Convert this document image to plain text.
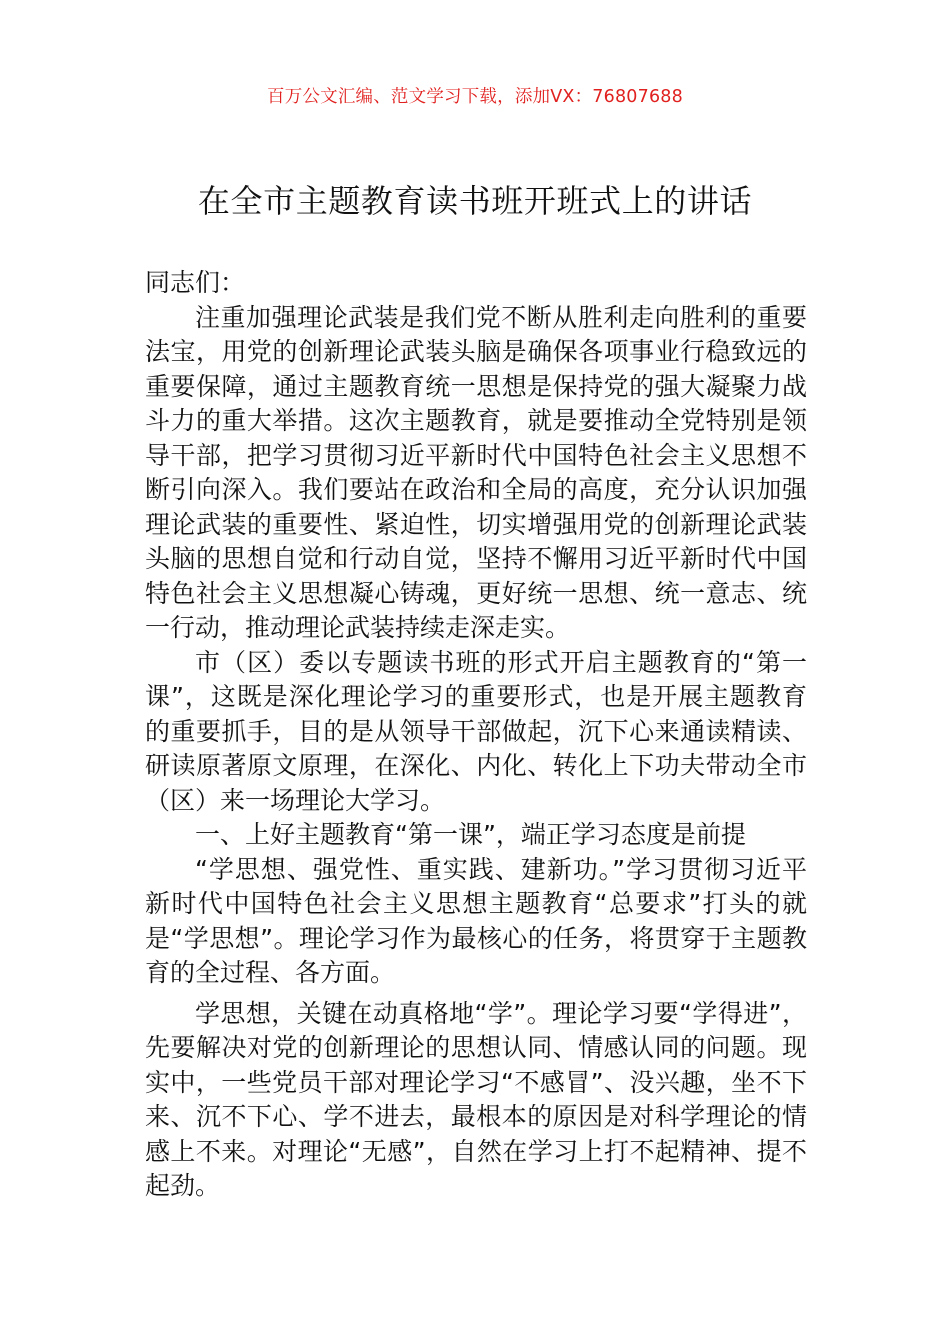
百万公文汇编、范文学习下载，添加VX：76807688
在全市主题教育读书班开班式上的讲话

同志们：

注重加强理论武装是我们党不断从胜利走向胜利的重要法宝，用党的创新理论武装头脑是确保各项事业行稳致远的重要保障，通过主题教育统一思想是保持党的强大凝聚力战斗力的重大举措。这次主题教育，就是要推动全党特别是领导干部，把学习贯彻习近平新时代中国特色社会主义思想不断引向深入。我们要站在政治和全局的高度，充分认识加强理论武装的重要性、紧迫性，切实增强用党的创新理论武装头脑的思想自觉和行动自觉，坚持不懈用习近平新时代中国特色社会主义思想凝心铸魂，更好统一思想、统一意志、统一行动，推动理论武装持续走深走实。

市（区）委以专题读书班的形式开启主题教育的“第一课”，这既是深化理论学习的重要形式，也是开展主题教育的重要抓手，目的是从领导干部做起，沉下心来通读精读、研读原著原文原理，在深化、内化、转化上下功夫带动全市（区）来一场理论大学习。

一、上好主题教育“第一课”，端正学习态度是前提

“学思想、强党性、重实践、建新功。”学习贯彻习近平新时代中国特色社会主义思想主题教育“总要求”打头的就是“学思想”。理论学习作为最核心的任务，将贯穿于主题教育的全过程、各方面。

学思想，关键在动真格地“学”。理论学习要“学得进”，先要解决对党的创新理论的思想认同、情感认同的问题。现实中，一些党员干部对理论学习“不感冒”、没兴趣，坐不下来、沉不下心、学不进去，最根本的原因是对科学理论的情感上不来。对理论“无感”，自然在学习上打不起精神、提不起劲。
